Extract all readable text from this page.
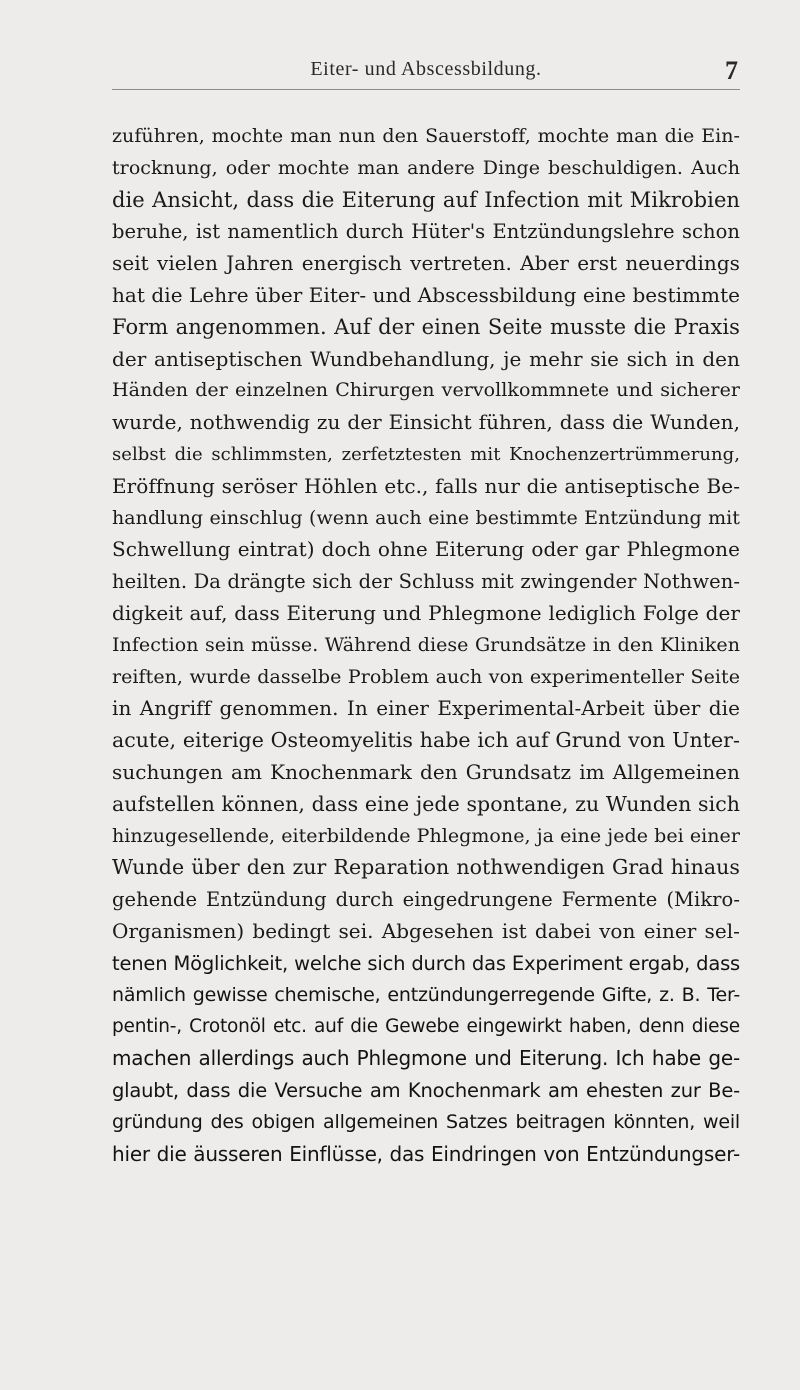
Eiter- und Abscessbildung.	7
zuführen, mochte man nun den Sauerstoff, mochte man die Ein-
trocknung, oder mochte man andere Dinge beschuldigen. Auch
die Ansicht, dass die Eiterung auf Infection mit Mikrobien
beruhe, ist namentlich durch Hüter's Entzündungslehre schon
seit vielen Jahren energisch vertreten. Aber erst neuerdings
hat die Lehre über Eiter- und Abscessbildung eine bestimmte
Form angenommen. Auf der einen Seite musste die Praxis
der antiseptischen Wundbehandlung, je mehr sie sich in den
Händen der einzelnen Chirurgen vervollkommnete und sicherer
wurde, nothwendig zu der Einsicht führen, dass die Wunden,
selbst die schlimmsten, zerfetztesten mit Knochenzertrümmerung,
Eröffnung seröser Höhlen etc., falls nur die antiseptische Be-
handlung einschlug (wenn auch eine bestimmte Entzündung mit
Schwellung eintrat) doch ohne Eiterung oder gar Phlegmone
heilten. Da drängte sich der Schluss mit zwingender Nothwen-
digkeit auf, dass Eiterung und Phlegmone lediglich Folge der
Infection sein müsse. Während diese Grundsätze in den Kliniken
reiften, wurde dasselbe Problem auch von experimenteller Seite
in Angriff genommen. In einer Experimental-Arbeit über die
acute, eiterige Osteomyelitis habe ich auf Grund von Unter-
suchungen am Knochenmark den Grundsatz im Allgemeinen
aufstellen können, dass eine jede spontane, zu Wunden sich
hinzugesellende, eiterbildende Phlegmone, ja eine jede bei einer
Wunde über den zur Reparation nothwendigen Grad hinaus
gehende Entzündung durch eingedrungene Fermente (Mikro-
Organismen) bedingt sei. Abgesehen ist dabei von einer sel-
tenen Möglichkeit, welche sich durch das Experiment ergab, dass
nämlich gewisse chemische, entzündungerregende Gifte, z. B. Ter-
pentin-, Crotonöl etc. auf die Gewebe eingewirkt haben, denn diese
machen allerdings auch Phlegmone und Eiterung. Ich habe ge-
glaubt, dass die Versuche am Knochenmark am ehesten zur Be-
gründung des obigen allgemeinen Satzes beitragen könnten, weil
hier die äusseren Einflüsse, das Eindringen von Entzündungser-
